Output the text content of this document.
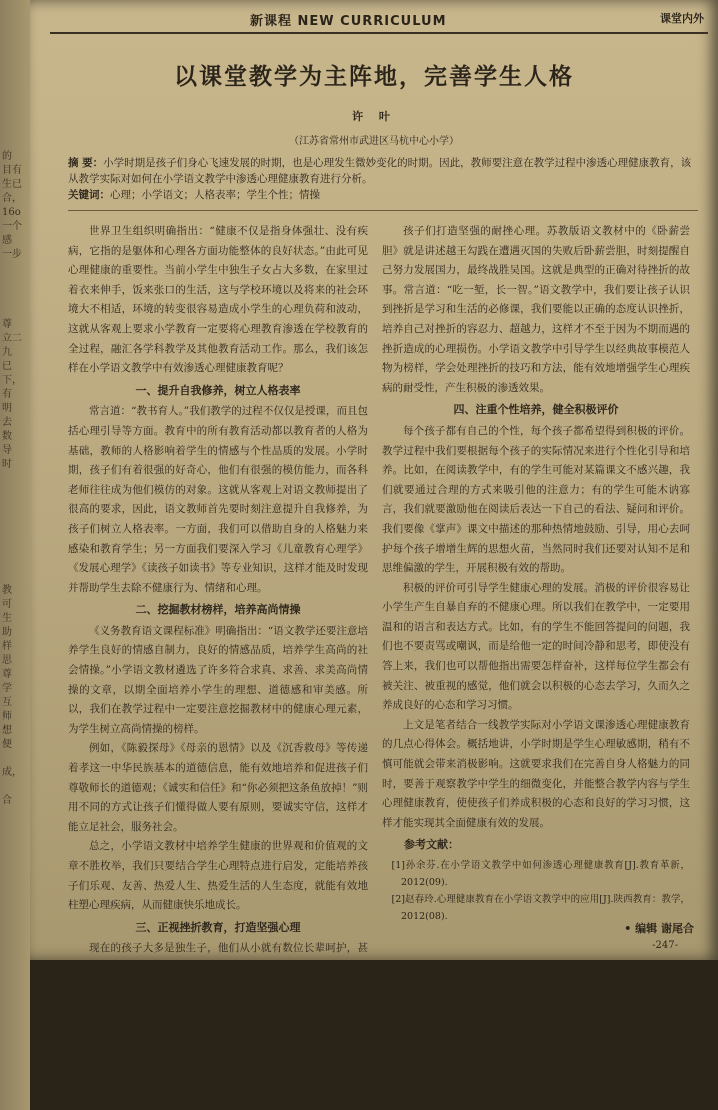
的
目有
生已
合，
16o
一个
感
一步

尊
立二
九
已
下，
有
明
去
数
导
时

教
可
生
助
样
思
尊
学
互
师
想
便

成，

合
新课程 NEW CURRICULUM	课堂内外
以课堂教学为主阵地，完善学生人格
许 叶
（江苏省常州市武进区马杭中心小学）
摘 要：小学时期是孩子们身心飞速发展的时期，也是心理发生微妙变化的时期。因此，教师要注意在教学过程中渗透心理健康教育，该从教学实际对如何在小学语文教学中渗透心理健康教育进行分析。
关键词：心理；小学语文；人格表率；学生个性；情操

世界卫生组织明确指出：“健康不仅是指身体强壮、没有疾病，它指的是躯体和心理各方面功能整体的良好状态。”由此可见心理健康的重要性。当前小学生中独生子女占大多数，在家里过着衣来伸手，饭来张口的生活，这与学校环境以及将来的社会环境大不相适，环境的转变很容易造成小学生的心理负荷和波动，这就从客观上要求小学教育一定要将心理教育渗透在学校教育的全过程，融汇各学科教学及其他教育活动工作。那么，我们该怎样在小学语文教学中有效渗透心理健康教育呢？

一、提升自我修养，树立人格表率

常言道：“教书育人。”我们教学的过程不仅仅是授课，而且包括心理引导等方面。教育中的所有教育活动都以教育者的人格为基础，教师的人格影响着学生的情感与个性品质的发展。小学时期，孩子们有着很强的好奇心，他们有很强的模仿能力，而各科老师往往成为他们模仿的对象。这就从客观上对语文教师提出了很高的要求，因此，语文教师首先要时刻注意提升自我修养，为孩子们树立人格表率。一方面，我们可以借助自身的人格魅力来感染和教育学生；另一方面我们要深入学习《儿童教育心理学》《发展心理学》《读孩子如读书》等专业知识，这样才能及时发现并帮助学生去除不健康行为、情绪和心理。

二、挖掘教材榜样，培养高尚情操

《义务教育语文课程标准》明确指出：“语文教学还要注意培养学生良好的情感自制力，良好的情感品质，培养学生高尚的社会情操。”小学语文教材遴选了许多符合求真、求善、求美高尚情操的文章，以期全面培养小学生的理想、道德感和审美感。所以，我们在教学过程中一定要注意挖掘教材中的健康心理元素，为学生树立高尚情操的榜样。

例如，《陈毅探母》《母亲的恩情》以及《沉香救母》等传递着孝这一中华民族基本的道德信息，能有效地培养和促进孩子们尊敬师长的道德观；《诚实和信任》和“你必须把这条鱼放掉！”则用不同的方式让孩子们懂得做人要有原则，要诚实守信，这样才能立足社会，服务社会。

总之，小学语文教材中培养学生健康的世界观和价值观的文章不胜枚举，我们只要结合学生心理特点进行启发，定能培养孩子们乐观、友善、热爱人生、热爱生活的人生态度，就能有效地柱塑心理疾病，从而健康快乐地成长。

三、正视挫折教育，打造坚强心理

现在的孩子大多是独生子，他们从小就有数位长辈呵护，甚至都没有跌过跤头。所以，我们在小学时期就要通过挫折教育来帮

孩子们打造坚强的耐挫心理。苏教版语文教材中的《卧薪尝胆》就是讲述越王勾践在遭遇灭国的失败后卧薪尝胆，时刻提醒自己努力发展国力，最终战胜吴国。这就是典型的正确对待挫折的故事。常言道：“吃一堑，长一智。”语文教学中，我们要让孩子认识到挫折是学习和生活的必修课，我们要能以正确的态度认识挫折，培养自己对挫折的容忍力、超越力，这样才不至于因为不期而遇的挫折造成的心理损伤。小学语文教学中引导学生以经典故事模范人物为榜样，学会处理挫折的技巧和方法，能有效地增强学生心理疾病的耐受性，产生积极的渗透效果。

四、注重个性培养，健全积极评价

每个孩子都有自己的个性，每个孩子都希望得到积极的评价。教学过程中我们要根据每个孩子的实际情况来进行个性化引导和培养。比如，在阅读教学中，有的学生可能对某篇课文不感兴趣，我们就要通过合理的方式来吸引他的注意力；有的学生可能木讷寡言，我们就要激励他在阅读后表达一下自己的看法、疑问和评价。我们要像《掌声》课文中描述的那种热情地鼓励、引导，用心去呵护每个孩子增增生辉的思想火苗，当然同时我们还要对认知不足和思维偏激的学生，开展积极有效的帮助。

积极的评价可引导学生健康心理的发展。消极的评价很容易让小学生产生自暴自弃的不健康心理。所以我们在教学中，一定要用温和的语言和表达方式。比如，有的学生不能回答提问的问题，我们也不要责骂或嘲讽，而是给他一定的时间冷静和思考，即使没有答上来，我们也可以帮他指出需要怎样奋补，这样每位学生都会有被关注、被重视的感觉，他们就会以积极的心态去学习，久而久之养成良好的心态和学习习惯。

上文是笔者结合一线教学实际对小学语文课渗透心理健康教育的几点心得体会。概括地讲，小学时期是学生心理敏感期，稍有不慎可能就会带来消极影响。这就要求我们在完善自身人格魅力的同时，要善于观察教学中学生的细微变化，并能整合教学内容与学生心理健康教育，使使孩子们养成积极的心态和良好的学习习惯，这样才能实现其全面健康有效的发展。

参考文献：

[1]孙余芬.在小学语文教学中如何渗透心理健康教育[J].教育革新，2012(09).

[2]赵春玲.心理健康教育在小学语文教学中的应用[J].陕西教育：教学，2012(08).

• 编辑 谢尾合
-247-
